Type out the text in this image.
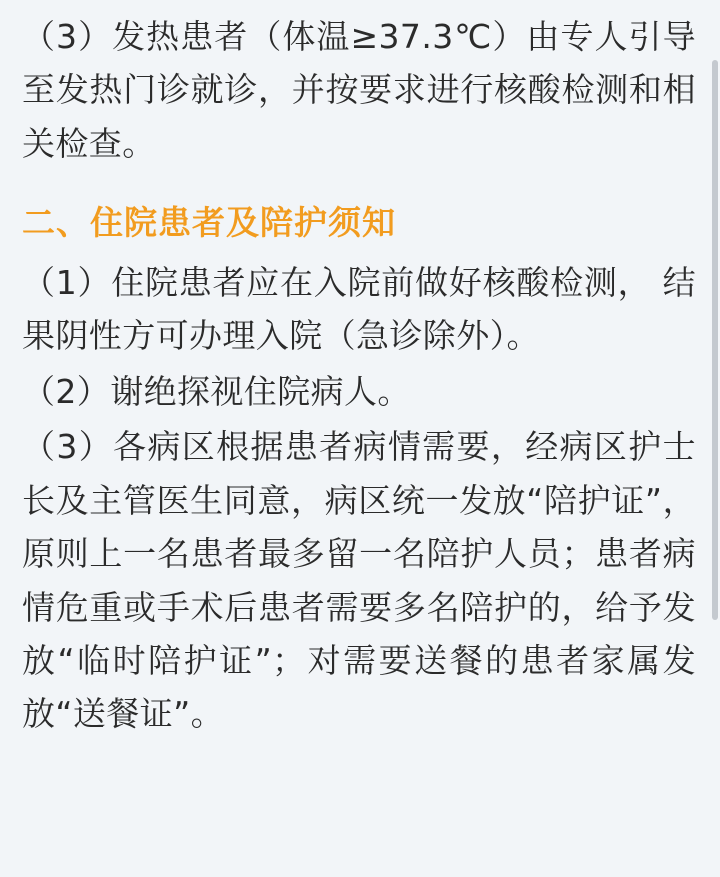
（3）发热患者（体温≥37.3℃）由专人引导至发热门诊就诊，并按要求进行核酸检测和相关检查。

二、住院患者及陪护须知

（1）住院患者应在入院前做好核酸检测， 结果阴性方可办理入院（急诊除外）。

（2）谢绝探视住院病人。

（3）各病区根据患者病情需要，经病区护士长及主管医生同意，病区统一发放“陪护证”，原则上一名患者最多留一名陪护人员；患者病情危重或手术后患者需要多名陪护的，给予发放“临时陪护证”；对需要送餐的患者家属发放“送餐证”。
